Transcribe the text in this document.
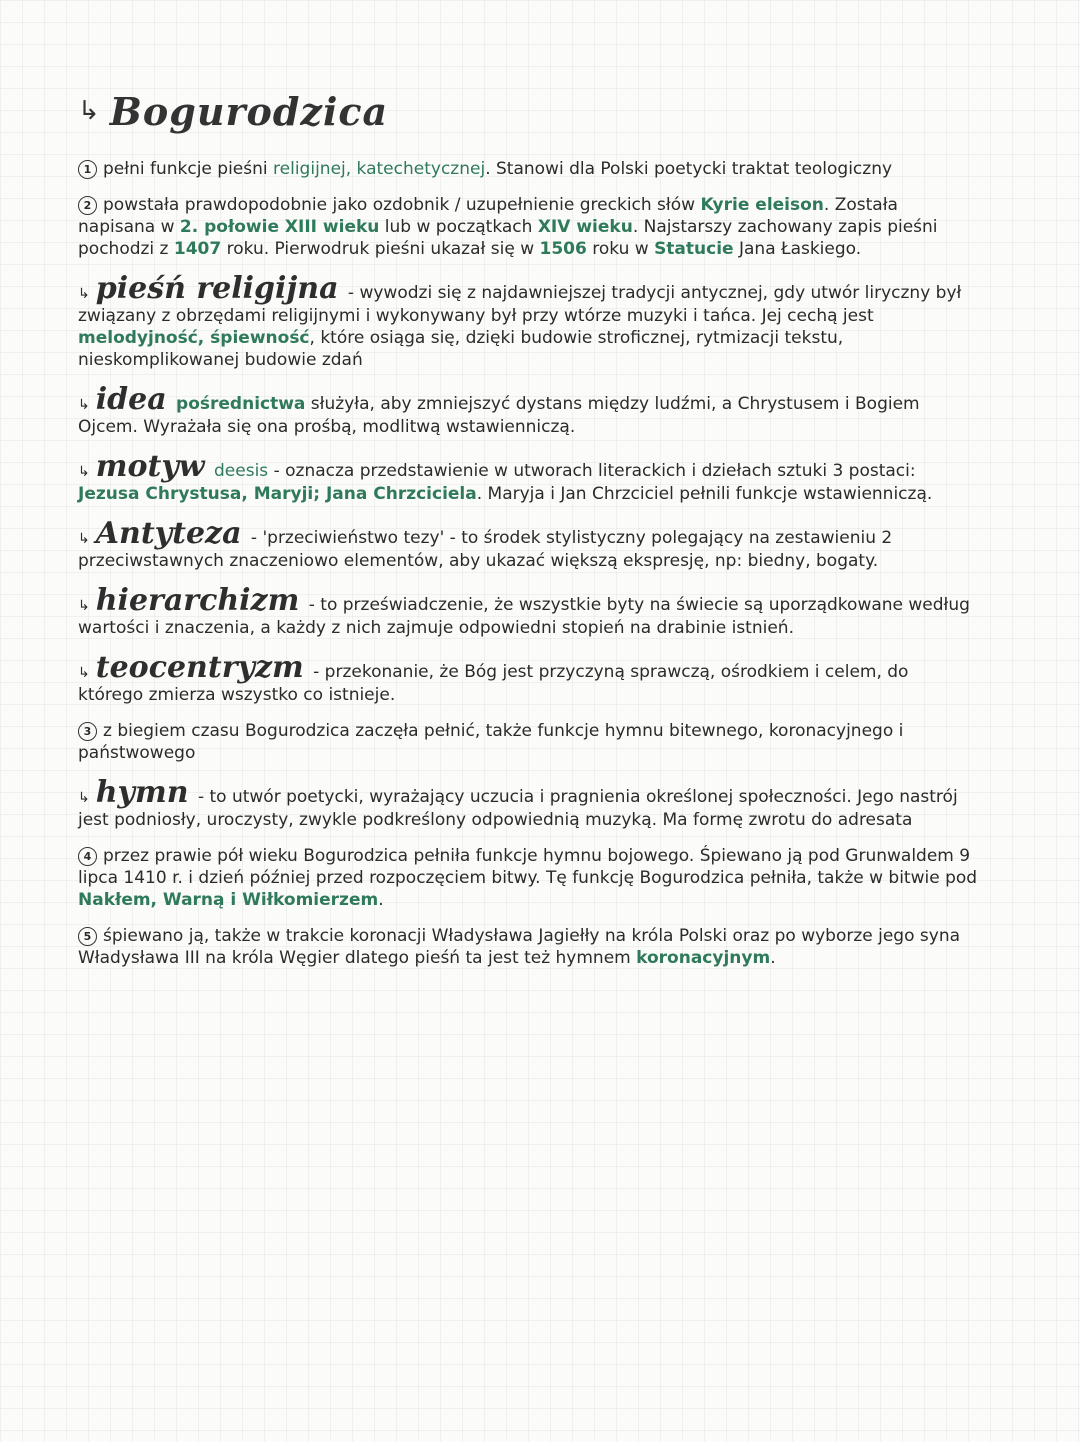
↳ Bogurodzica

1 pełni funkcje pieśni religijnej, katechetycznej. Stanowi dla Polski poetycki traktat teologiczny

2 powstała prawdopodobnie jako ozdobnik / uzupełnienie greckich słów Kyrie eleison. Została napisana w 2. połowie XIII wieku lub w początkach XIV wieku. Najstarszy zachowany zapis pieśni pochodzi z 1407 roku. Pierwodruk pieśni ukazał się w 1506 roku w Statucie Jana Łaskiego.

↳ pieśń religijna - wywodzi się z najdawniejszej tradycji antycznej, gdy utwór liryczny był związany z obrzędami religijnymi i wykonywany był przy wtórze muzyki i tańca. Jej cechą jest melodyjność, śpiewność, które osiąga się, dzięki budowie stroficznej, rytmizacji tekstu, nieskomplikowanej budowie zdań

↳ idea pośrednictwa służyła, aby zmniejszyć dystans między ludźmi, a Chrystusem i Bogiem Ojcem. Wyrażała się ona prośbą, modlitwą wstawienniczą.

↳ motyw deesis - oznacza przedstawienie w utworach literackich i dziełach sztuki 3 postaci: Jezusa Chrystusa, Maryji; Jana Chrzciciela. Maryja i Jan Chrzciciel pełnili funkcje wstawienniczą.

↳ Antyteza - 'przeciwieństwo tezy' - to środek stylistyczny polegający na zestawieniu 2 przeciwstawnych znaczeniowo elementów, aby ukazać większą ekspresję, np: biedny, bogaty.

↳ hierarchizm - to przeświadczenie, że wszystkie byty na świecie są uporządkowane według wartości i znaczenia, a każdy z nich zajmuje odpowiedni stopień na drabinie istnień.

↳ teocentryzm - przekonanie, że Bóg jest przyczyną sprawczą, ośrodkiem i celem, do którego zmierza wszystko co istnieje.

3 z biegiem czasu Bogurodzica zaczęła pełnić, także funkcje hymnu bitewnego, koronacyjnego i państwowego

↳ hymn - to utwór poetycki, wyrażający uczucia i pragnienia określonej społeczności. Jego nastrój jest podniosły, uroczysty, zwykle podkreślony odpowiednią muzyką. Ma formę zwrotu do adresata

4 przez prawie pół wieku Bogurodzica pełniła funkcje hymnu bojowego. Śpiewano ją pod Grunwaldem 9 lipca 1410 r. i dzień później przed rozpoczęciem bitwy. Tę funkcję Bogurodzica pełniła, także w bitwie pod Nakłem, Warną i Wiłkomierzem.

5 śpiewano ją, także w trakcie koronacji Władysława Jagiełły na króla Polski oraz po wyborze jego syna Władysława III na króla Węgier dlatego pieśń ta jest też hymnem koronacyjnym.
